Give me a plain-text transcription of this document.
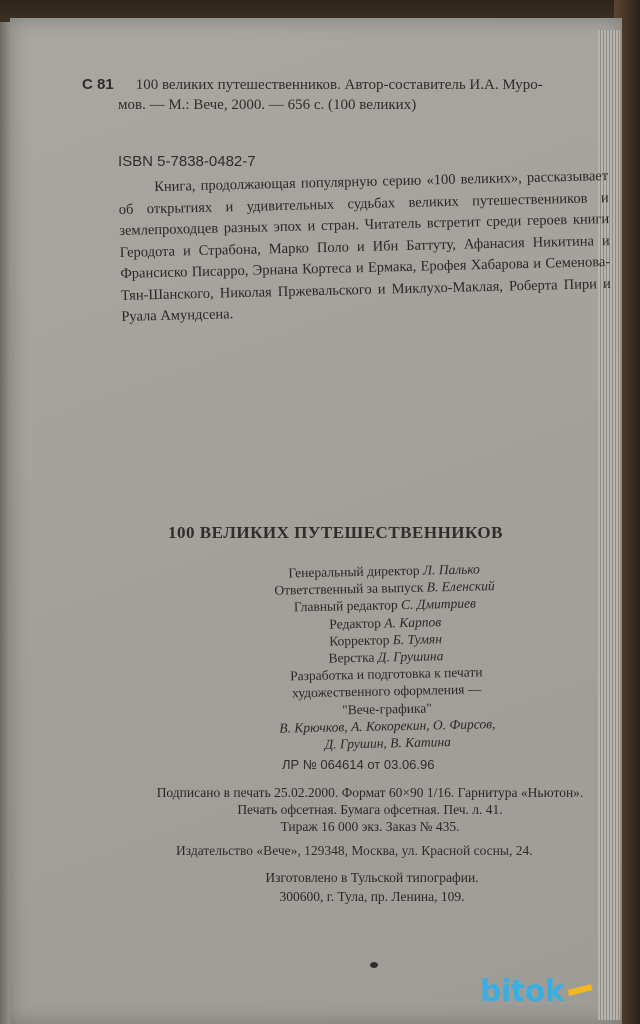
С 81 100 великих путешественников. Автор-составитель И.А. Муро-
мов. — М.: Вече, 2000. — 656 с. (100 великих)
ISBN 5-7838-0482-7
Книга, продолжающая популярную серию «100 великих», рассказывает об открытиях и удивительных судьбах великих путешественников и землепроходцев разных эпох и стран. Читатель встретит среди героев книги Геродота и Страбона, Марко Поло и Ибн Баттуту, Афанасия Никитина и Франсиско Писарро, Эрнана Кортеса и Ермака, Ерофея Хабарова и Семенова-Тян-Шанского, Николая Пржевальского и Миклухо-Маклая, Роберта Пири и Руала Амундсена.
100 ВЕЛИКИХ ПУТЕШЕСТВЕННИКОВ
Генеральный директор Л. Палько
Ответственный за выпуск В. Еленский
Главный редактор С. Дмитриев
Редактор А. Карпов
Корректор Б. Тумян
Верстка Д. Грушина
Разработка и подготовка к печати
художественного оформления —
"Вече-графика"
В. Крючков, А. Кокорекин, О. Фирсов,
Д. Грушин, В. Катина
ЛР № 064614 от 03.06.96
Подписано в печать 25.02.2000. Формат 60×90 1/16. Гарнитура «Ньютон».
Печать офсетная. Бумага офсетная. Печ. л. 41.
Тираж 16 000 экз. Заказ № 435.
Издательство «Вече», 129348, Москва, ул. Красной сосны, 24.
Изготовлено в Тульской типографии.
300600, г. Тула, пр. Ленина, 109.
bitok
